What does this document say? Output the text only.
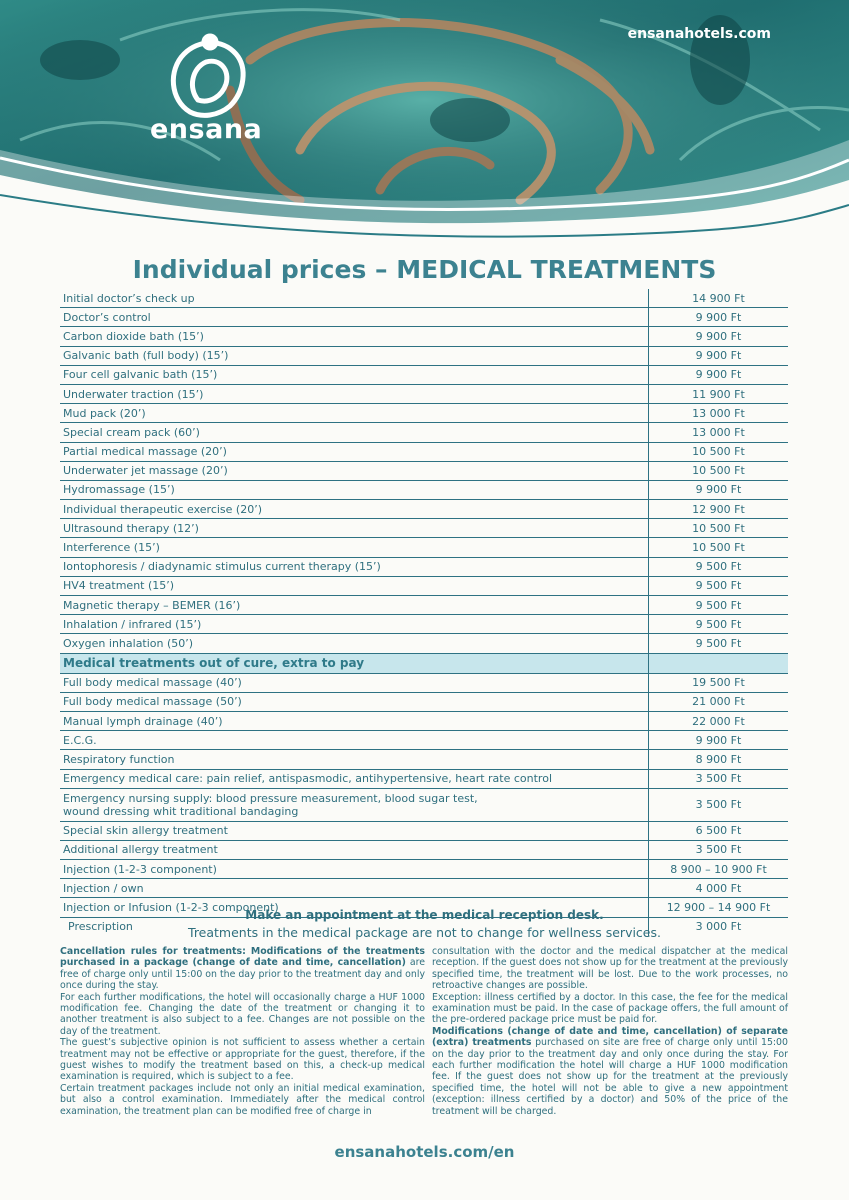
ensanahotels.com
ensana
Individual prices – MEDICAL TREATMENTS
Initial doctor’s check up	14 900 Ft
Doctor’s control	9 900 Ft
Carbon dioxide bath (15’)	9 900 Ft
Galvanic bath (full body) (15’)	9 900 Ft
Four cell galvanic bath (15’)	9 900 Ft
Underwater traction (15’)	11 900 Ft
Mud pack (20’)	13 000 Ft
Special cream pack (60’)	13 000 Ft
Partial medical massage (20’)	10 500 Ft
Underwater jet massage (20’)	10 500 Ft
Hydromassage (15’)	9 900 Ft
Individual therapeutic exercise (20’)	12 900 Ft
Ultrasound therapy (12’)	10 500 Ft
Interference (15’)	10 500 Ft
Iontophoresis / diadynamic stimulus current therapy (15’)	9 500 Ft
HV4 treatment (15’)	9 500 Ft
Magnetic therapy – BEMER (16’)	9 500 Ft
Inhalation / infrared (15’)	9 500 Ft
Oxygen inhalation (50’)	9 500 Ft
Medical treatments out of cure, extra to pay
Full body medical massage (40’)	19 500 Ft
Full body medical massage (50’)	21 000 Ft
Manual lymph drainage (40’)	22 000 Ft
E.C.G.	9 900 Ft
Respiratory function	8 900 Ft
Emergency medical care: pain relief, antispasmodic, antihypertensive, heart rate control	3 500 Ft
Emergency nursing supply: blood pressure measurement, blood sugar test,
wound dressing whit traditional bandaging	3 500 Ft
Special skin allergy treatment	6 500 Ft
Additional allergy treatment	3 500 Ft
Injection (1-2-3 component)	8 900 – 10 900 Ft
Injection / own	4 000 Ft
Injection or Infusion (1-2-3 component)	12 900 – 14 900 Ft
Prescription	3 000 Ft
Make an appointment at the medical reception desk.
Treatments in the medical package are not to change for wellness services.

Cancellation rules for treatments: Modifications of the treatments purchased in a package (change of date and time, cancellation) are free of charge only until 15:00 on the day prior to the treatment day and only once during the stay.

For each further modifications, the hotel will occasionally charge a HUF 1000 modification fee. Changing the date of the treatment or changing it to another treatment is also subject to a fee. Changes are not possible on the day of the treatment.

The guest’s subjective opinion is not sufficient to assess whether a certain treatment may not be effective or appropriate for the guest, therefore, if the guest wishes to modify the treatment based on this, a check-up medical examination is required, which is subject to a fee.

Certain treatment packages include not only an initial medical examination, but also a control examination. Immediately after the medical control examination, the treatment plan can be modified free of charge in

consultation with the doctor and the medical dispatcher at the medical reception. If the guest does not show up for the treatment at the previously specified time, the treatment will be lost. Due to the work processes, no retroactive changes are possible.

Exception: illness certified by a doctor. In this case, the fee for the medical examination must be paid. In the case of package offers, the full amount of the pre-ordered package price must be paid for.

Modifications (change of date and time, cancellation) of separate (extra) treatments purchased on site are free of charge only until 15:00 on the day prior to the treatment day and only once during the stay. For each further modification the hotel will charge a HUF 1000 modification fee. If the guest does not show up for the treatment at the previously specified time, the hotel will not be able to give a new appointment (exception: illness certified by a doctor) and 50% of the price of the treatment will be charged.

ensanahotels.com/en
